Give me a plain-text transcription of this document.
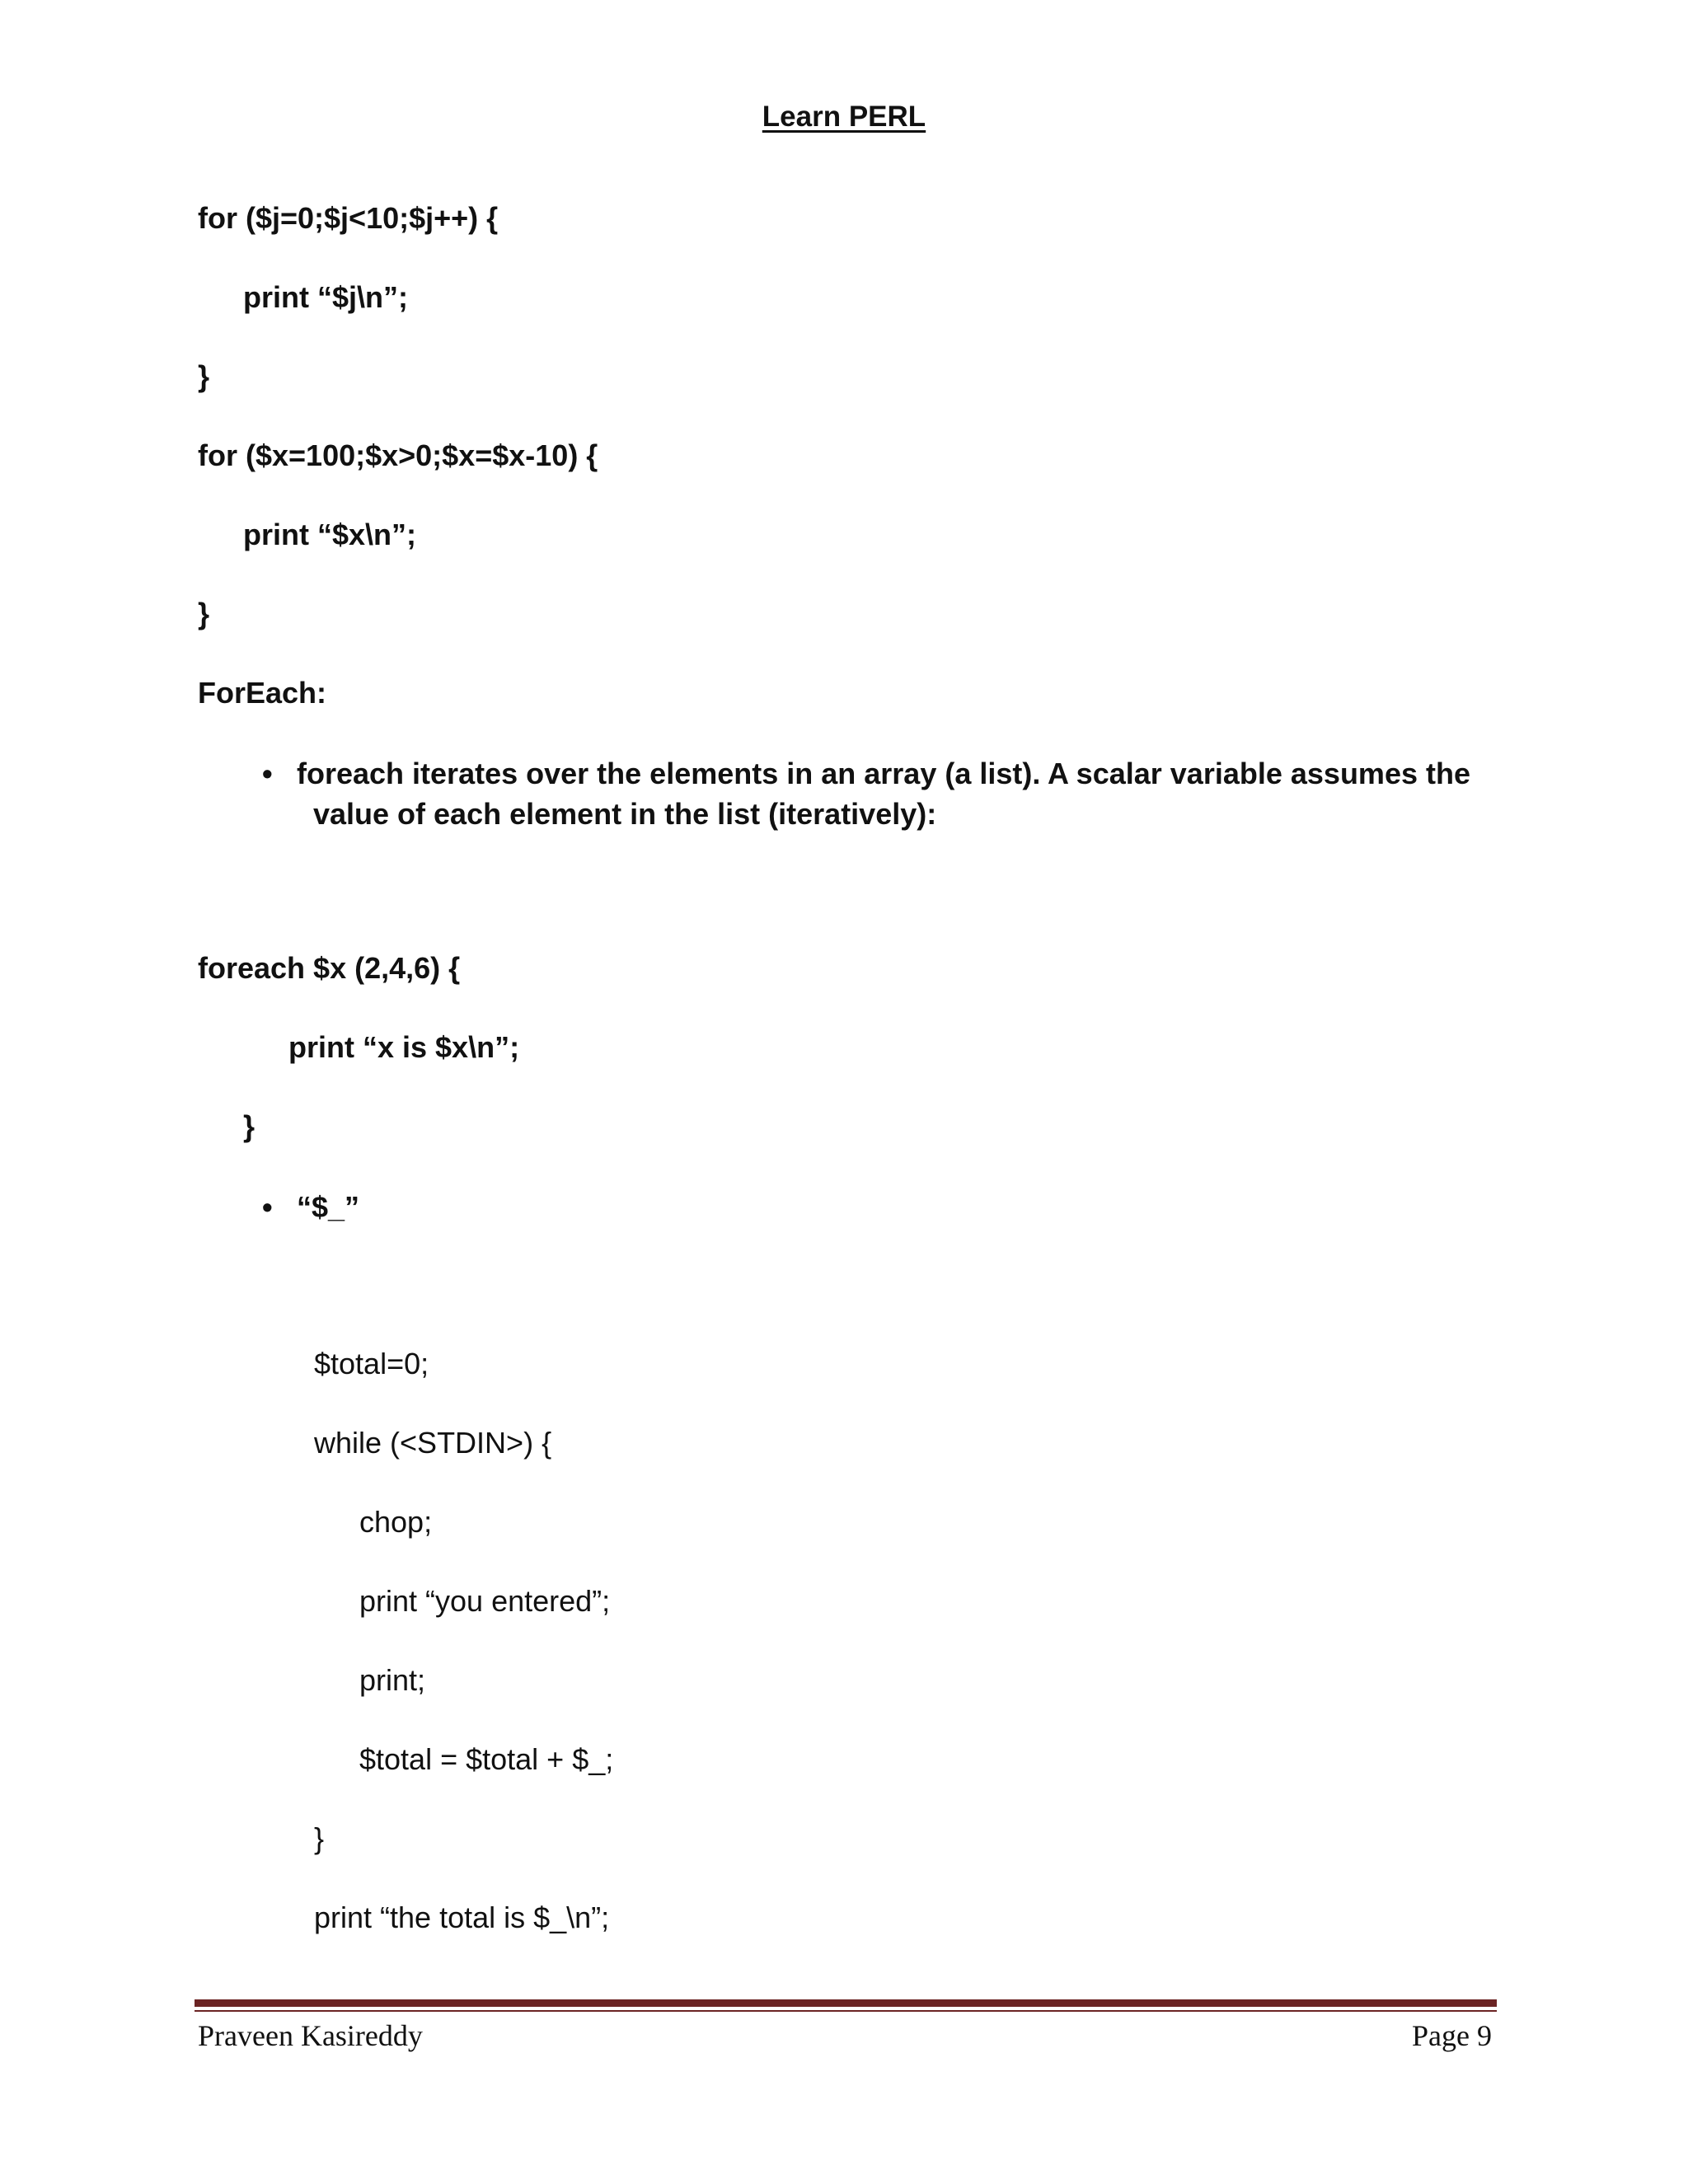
Learn PERL
for ($j=0;$j<10;$j++) {
print “$j\n”;
}
for ($x=100;$x>0;$x=$x-10) {
print “$x\n”;
}
ForEach:
• foreach iterates over the elements in an array (a list). A scalar variable assumes the
value of each element in the list (iteratively):
foreach $x (2,4,6) {
print “x is $x\n”;
}
• “$_”
$total=0;
while (<STDIN>) {
chop;
print “you entered”;
print;
$total = $total + $_;
}
print “the total is $_\n”;
Praveen Kasireddy	Page 9
